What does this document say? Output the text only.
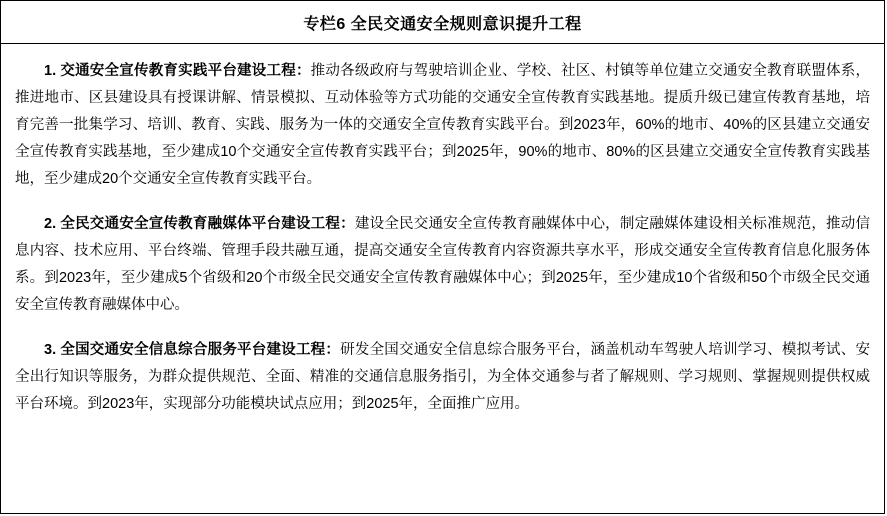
专栏6 全民交通安全规则意识提升工程

1. 交通安全宣传教育实践平台建设工程：推动各级政府与驾驶培训企业、学校、社区、村镇等单位建立交通安全教育联盟体系，推进地市、区县建设具有授课讲解、情景模拟、互动体验等方式功能的交通安全宣传教育实践基地。提质升级已建宣传教育基地，培育完善一批集学习、培训、教育、实践、服务为一体的交通安全宣传教育实践平台。到2023年，60%的地市、40%的区县建立交通安全宣传教育实践基地，至少建成10个交通安全宣传教育实践平台；到2025年，90%的地市、80%的区县建立交通安全宣传教育实践基地，至少建成20个交通安全宣传教育实践平台。

2. 全民交通安全宣传教育融媒体平台建设工程：建设全民交通安全宣传教育融媒体中心，制定融媒体建设相关标准规范，推动信息内容、技术应用、平台终端、管理手段共融互通，提高交通安全宣传教育内容资源共享水平，形成交通安全宣传教育信息化服务体系。到2023年，至少建成5个省级和20个市级全民交通安全宣传教育融媒体中心；到2025年，至少建成10个省级和50个市级全民交通安全宣传教育融媒体中心。

3. 全国交通安全信息综合服务平台建设工程：研发全国交通安全信息综合服务平台，涵盖机动车驾驶人培训学习、模拟考试、安全出行知识等服务，为群众提供规范、全面、精准的交通信息服务指引，为全体交通参与者了解规则、学习规则、掌握规则提供权威平台环境。到2023年，实现部分功能模块试点应用；到2025年，全面推广应用。
